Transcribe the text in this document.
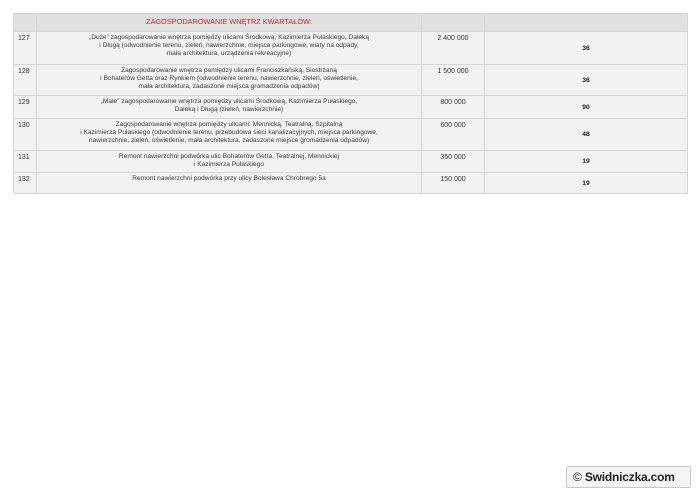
	ZAGOSPODAROWANIE WNĘTRZ KWARTAŁÓW:		
127	„Duże” zagospodarowanie wnętrza pomiędzy ulicami Środkową, Kazimierza Pułaskiego, Daleką
i Długą (odwodnienie terenu, zieleń, nawierzchnie, miejsca parkingowe, wiaty na odpady,
mała architektura, urządzenia rekreacyjne)	2 400 000	36
128	Zagospodarowanie wnętrza pomiędzy ulicami Franciszkańską, Siostrzaną
i Bohaterów Getta oraz Rynkiem (odwodnienie terenu, nawierzchnie, zieleń, oświetlenie,
mała architektura, zadaszone miejsca gromadzenia odpadów)	1 500 000	36
129	„Małe” zagospodarowanie wnętrza pomiędzy ulicami Środkową, Kazimierza Pułaskiego,
Daleką i Długą (zieleń, nawierzchnie)	800 000	90
130	Zagospodarowanie wnętrza pomiędzy ulicami: Mennicką, Teatralną, Szpitalną
i Kazimierza Pułaskiego (odwodnienie terenu, przebudowa sieci kanalizacyjnych, miejsca parkingowe,
nawierzchnie, zieleń, oświetlenie, mała architektura, zadaszone miejsce gromadzenia odpadów)	600 000	48
131	Remont nawierzchni podwórka ulic Bohaterów Getta, Teatralnej, Mennickiej
i Kazimierza Pułaskiego	350 000	19
132	Remont nawierzchni podwórka przy ulicy Bolesława Chrobrego 5a	150 000	19
© Swidniczka.com
